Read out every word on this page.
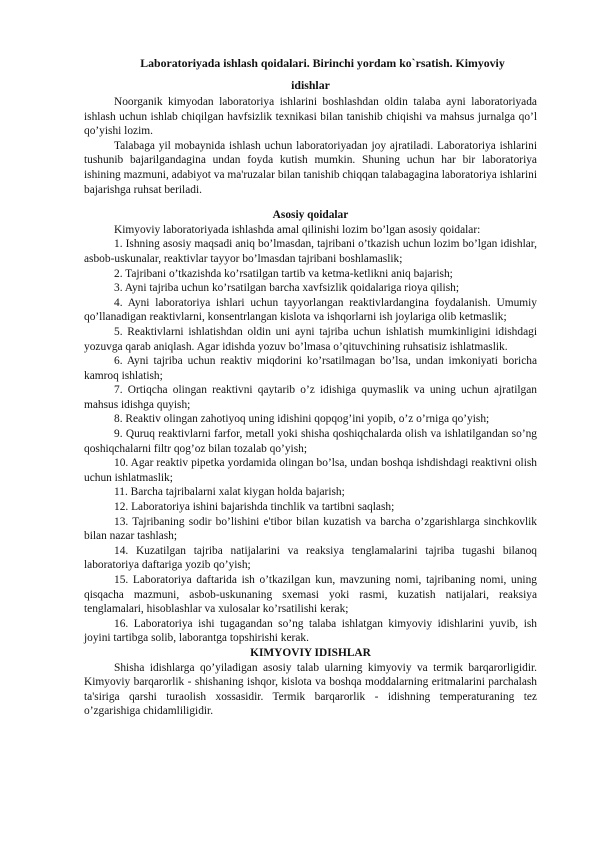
Laboratoriyada ishlash qoidalari. Birinchi yordam ko`rsatish. Kimyoviy

idishlar

Noorganik kimyodan laboratoriya ishlarini boshlashdan oldin talaba ayni laboratoriyada ishlash uchun ishlab chiqilgan havfsizlik texnikasi bilan tanishib chiqishi va mahsus jurnalga qo’l qo’yishi lozim.

Talabaga yil mobaynida ishlash uchun laboratoriyadan joy ajratiladi. Laboratoriya ishlarini tushunib bajarilgandagina undan foyda kutish mumkin. Shuning uchun har bir laboratoriya ishining mazmuni, adabiyot va ma'ruzalar bilan tanishib chiqqan talabagagina laboratoriya ishlarini bajarishga ruhsat beriladi.

Asosiy qoidalar

Kimyoviy laboratoriyada ishlashda amal qilinishi lozim bo’lgan asosiy qoidalar:

1. Ishning asosiy maqsadi aniq bo’lmasdan, tajribani o’tkazish uchun lozim bo’lgan idishlar, asbob-uskunalar, reaktivlar tayyor bo’lmasdan tajribani boshlamaslik;

2. Tajribani o’tkazishda ko’rsatilgan tartib va ketma-ketlikni aniq bajarish;

3. Ayni tajriba uchun ko’rsatilgan barcha xavfsizlik qoidalariga rioya qilish;

4. Ayni laboratoriya ishlari uchun tayyorlangan reaktivlardangina foydalanish. Umumiy qo’llanadigan reaktivlarni, konsentrlangan kislota va ishqorlarni ish joylariga olib ketmaslik;

5. Reaktivlarni ishlatishdan oldin uni ayni tajriba uchun ishlatish mumkinligini idishdagi yozuvga qarab aniqlash. Agar idishda yozuv bo’lmasa o’qituvchining ruhsatisiz ishlatmaslik.

6. Ayni tajriba uchun reaktiv miqdorini ko’rsatilmagan bo’lsa, undan imkoniyati boricha kamroq ishlatish;

7. Ortiqcha olingan reaktivni qaytarib o’z idishiga quymaslik va uning uchun ajratilgan mahsus idishga quyish;

8. Reaktiv olingan zahotiyoq uning idishini qopqog’ini yopib, o’z o’rniga qo’yish;

9. Quruq reaktivlarni farfor, metall yoki shisha qoshiqchalarda olish va ishlatilgandan so’ng qoshiqchalarni filtr qog’oz bilan tozalab qo’yish;

10. Agar reaktiv pipetka yordamida olingan bo’lsa, undan boshqa ishdishdagi reaktivni olish uchun ishlatmaslik;

11. Barcha tajribalarni xalat kiygan holda bajarish;

12. Laboratoriya ishini bajarishda tinchlik va tartibni saqlash;

13. Tajribaning sodir bo’lishini e'tibor bilan kuzatish va barcha o’zgarishlarga sinchkovlik bilan nazar tashlash;

14. Kuzatilgan tajriba natijalarini va reaksiya tenglamalarini tajriba tugashi bilanoq laboratoriya daftariga yozib qo’yish;

15. Laboratoriya daftarida ish o’tkazilgan kun, mavzuning nomi, tajribaning nomi, uning qisqacha mazmuni, asbob-uskunaning sxemasi yoki rasmi, kuzatish natijalari, reaksiya tenglamalari, hisoblashlar va xulosalar ko’rsatilishi kerak;

16. Laboratoriya ishi tugagandan so’ng talaba ishlatgan kimyoviy idishlarini yuvib, ish joyini tartibga solib, laborantga topshirishi kerak.

KIMYOVIY IDISHLAR

Shisha idishlarga qo’yiladigan asosiy talab ularning kimyoviy va termik barqarorligidir. Kimyoviy barqarorlik - shishaning ishqor, kislota va boshqa moddalarning eritmalarini parchalash ta'siriga qarshi turaolish xossasidir. Termik barqarorlik - idishning temperaturaning tez o’zgarishiga chidamliligidir.
